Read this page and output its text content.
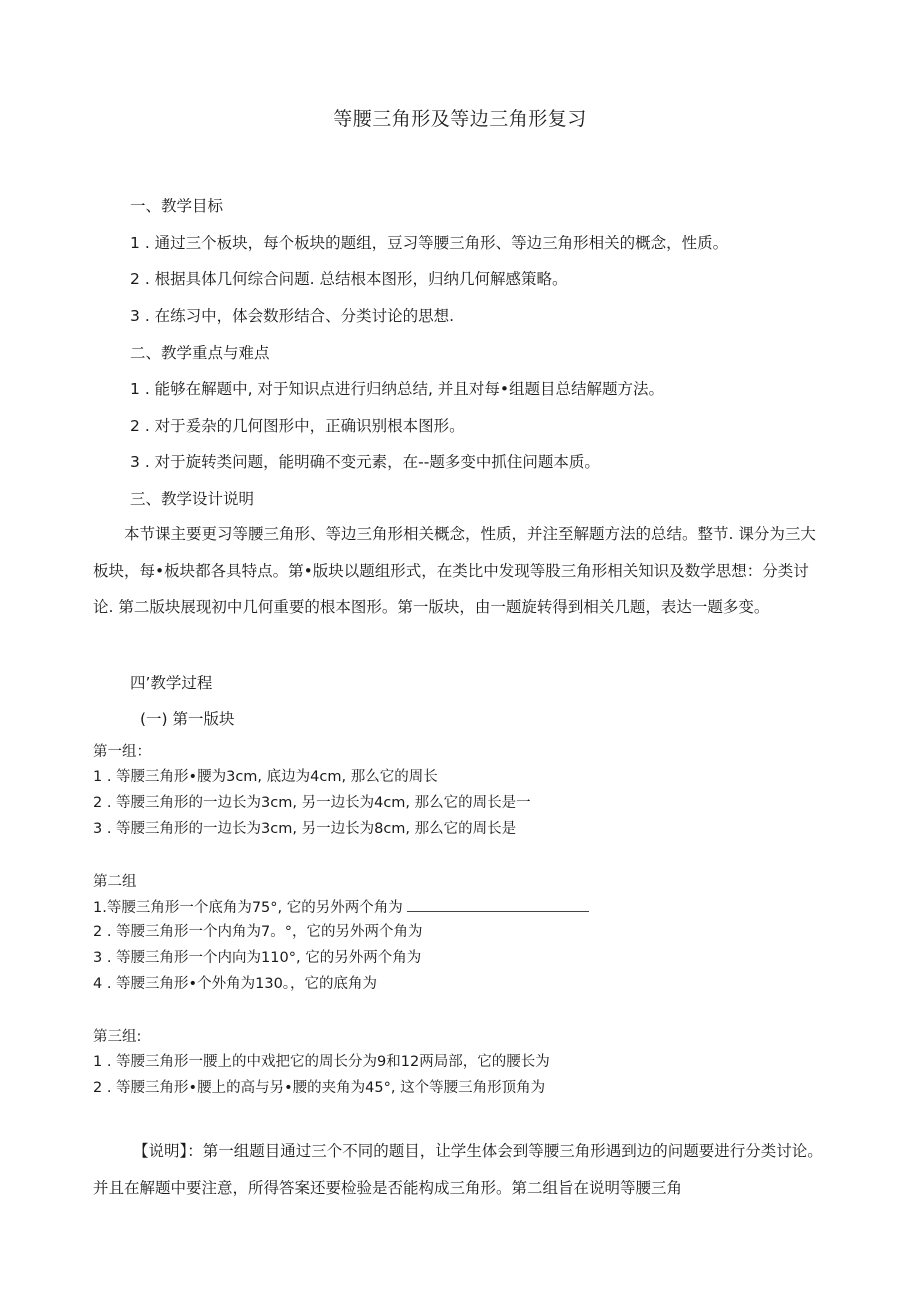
等腰三角形及等边三角形复习
一、教学目标
1 . 通过三个板块，每个板块的题组，豆习等腰三角形、等边三角形相关的概念，性质。
2 . 根据具体几何综合问题. 总结根本图形，归纳几何解感策略。
3 . 在练习中，体会数形结合、分类讨论的思想.
二、教学重点与难点
1 . 能够在解题中, 对于知识点进行归纳总结, 并且对每•组题目总结解题方法。
2 . 对于爰杂的几何图形中，正确识别根本图形。
3 . 对于旋转类问题，能明确不变元素，在--题多变中抓住问题本质。
三、教学设计说明
本节课主要更习等腰三角形、等边三角形相关概念，性质，并注至解题方法的总结。整节. 课分为三大板块，每•板块都各具特点。第•版块以题组形式，在类比中发现等股三角形相关知识及数学思想：分类讨论. 第二版块展现初中几何重要的根本图形。第一版块，由一题旋转得到相关几题，表达一题多变。
四’教学过程
(一) 第一版块
第一组：
1 . 等腰三角形•腰为3cm, 底边为4cm, 那么它的周长
2 . 等腰三角形的一边长为3cm, 另一边长为4cm, 那么它的周长是一
3 . 等腰三角形的一边长为3cm, 另一边长为8cm, 那么它的周长是
第二组
1.等腰三角形一个底角为75°, 它的另外两个角为
2 . 等腰三角形一个内角为7。°，它的另外两个角为
3 . 等腰三角形一个内向为110°, 它的另外两个角为
4 . 等腰三角形•个外角为130。，它的底角为
第三组:
1 . 等腰三角形一腰上的中戏把它的周长分为9和12两局部，它的腰长为
2 . 等腰三角形•腰上的高与另•腰的夹角为45°, 这个等腰三角形顶角为
【说明】：第一组题目通过三个不同的题目，让学生体会到等腰三角形遇到边的问题要进行分类讨论。并且在解题中要注意，所得答案还要检验是否能构成三角形。第二组旨在说明等腰三角
